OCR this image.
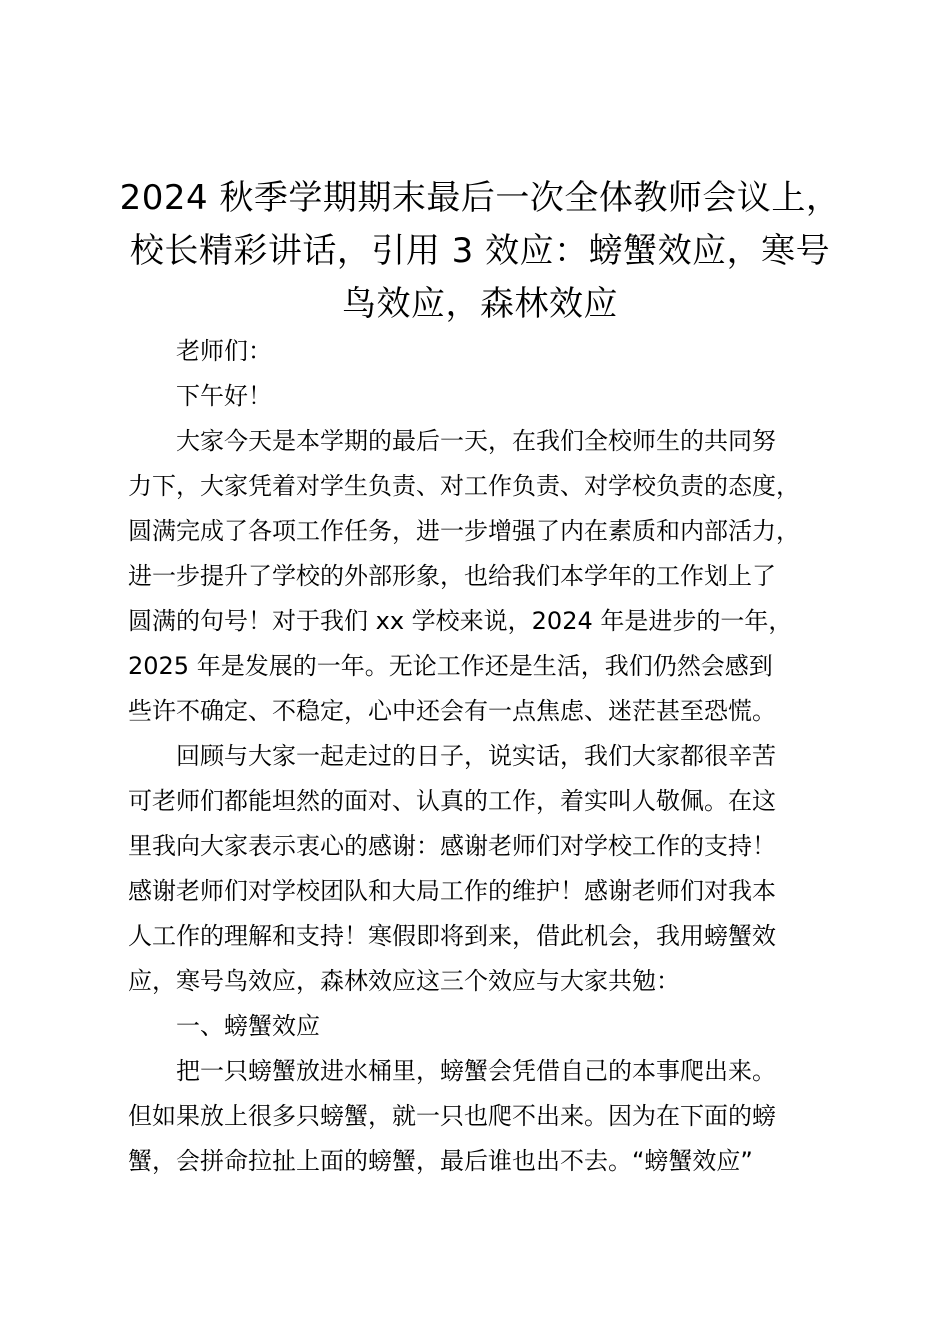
2024 秋季学期期末最后一次全体教师会议上，
校长精彩讲话，引用 3 效应：螃蟹效应，寒号
鸟效应，森林效应
老师们：
下午好！
大家今天是本学期的最后一天，在我们全校师生的共同努
力下，大家凭着对学生负责、对工作负责、对学校负责的态度，
圆满完成了各项工作任务，进一步增强了内在素质和内部活力，
进一步提升了学校的外部形象，也给我们本学年的工作划上了
圆满的句号！对于我们 xx 学校来说，2024 年是进步的一年，
2025 年是发展的一年。无论工作还是生活，我们仍然会感到
些许不确定、不稳定，心中还会有一点焦虑、迷茫甚至恐慌。
回顾与大家一起走过的日子，说实话，我们大家都很辛苦
可老师们都能坦然的面对、认真的工作，着实叫人敬佩。在这
里我向大家表示衷心的感谢：感谢老师们对学校工作的支持！
感谢老师们对学校团队和大局工作的维护！感谢老师们对我本
人工作的理解和支持！寒假即将到来，借此机会，我用螃蟹效
应，寒号鸟效应，森林效应这三个效应与大家共勉：
一、螃蟹效应
把一只螃蟹放进水桶里，螃蟹会凭借自己的本事爬出来。
但如果放上很多只螃蟹，就一只也爬不出来。因为在下面的螃
蟹，会拼命拉扯上面的螃蟹，最后谁也出不去。“螃蟹效应”
